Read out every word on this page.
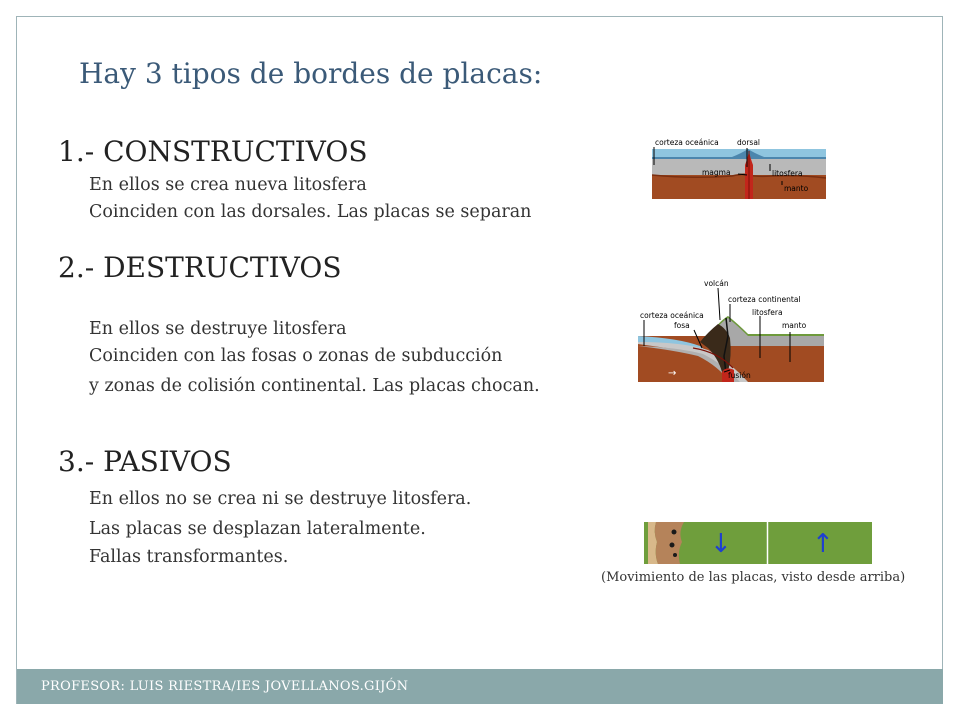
Hay 3 tipos de bordes de placas:
1.- CONSTRUCTIVOS
En ellos se crea nueva litosfera
Coinciden con las dorsales. Las placas se separan
2.- DESTRUCTIVOS
En ellos se destruye litosfera
Coinciden con las fosas o zonas de subducción
y zonas de colisión continental. Las placas chocan.
3.- PASIVOS
En ellos no se crea ni se destruye litosfera.
Las placas se desplazan lateralmente.
Fallas transformantes.
corteza oceánica dorsal
magma	litosfera
manto
volcán
corteza continental
litosfera
corteza oceánica
fosa	manto
fusión
→
↓	↑
(Movimiento de las placas, visto desde arriba)
PROFESOR: LUIS RIESTRA/IES JOVELLANOS.GIJÓN
